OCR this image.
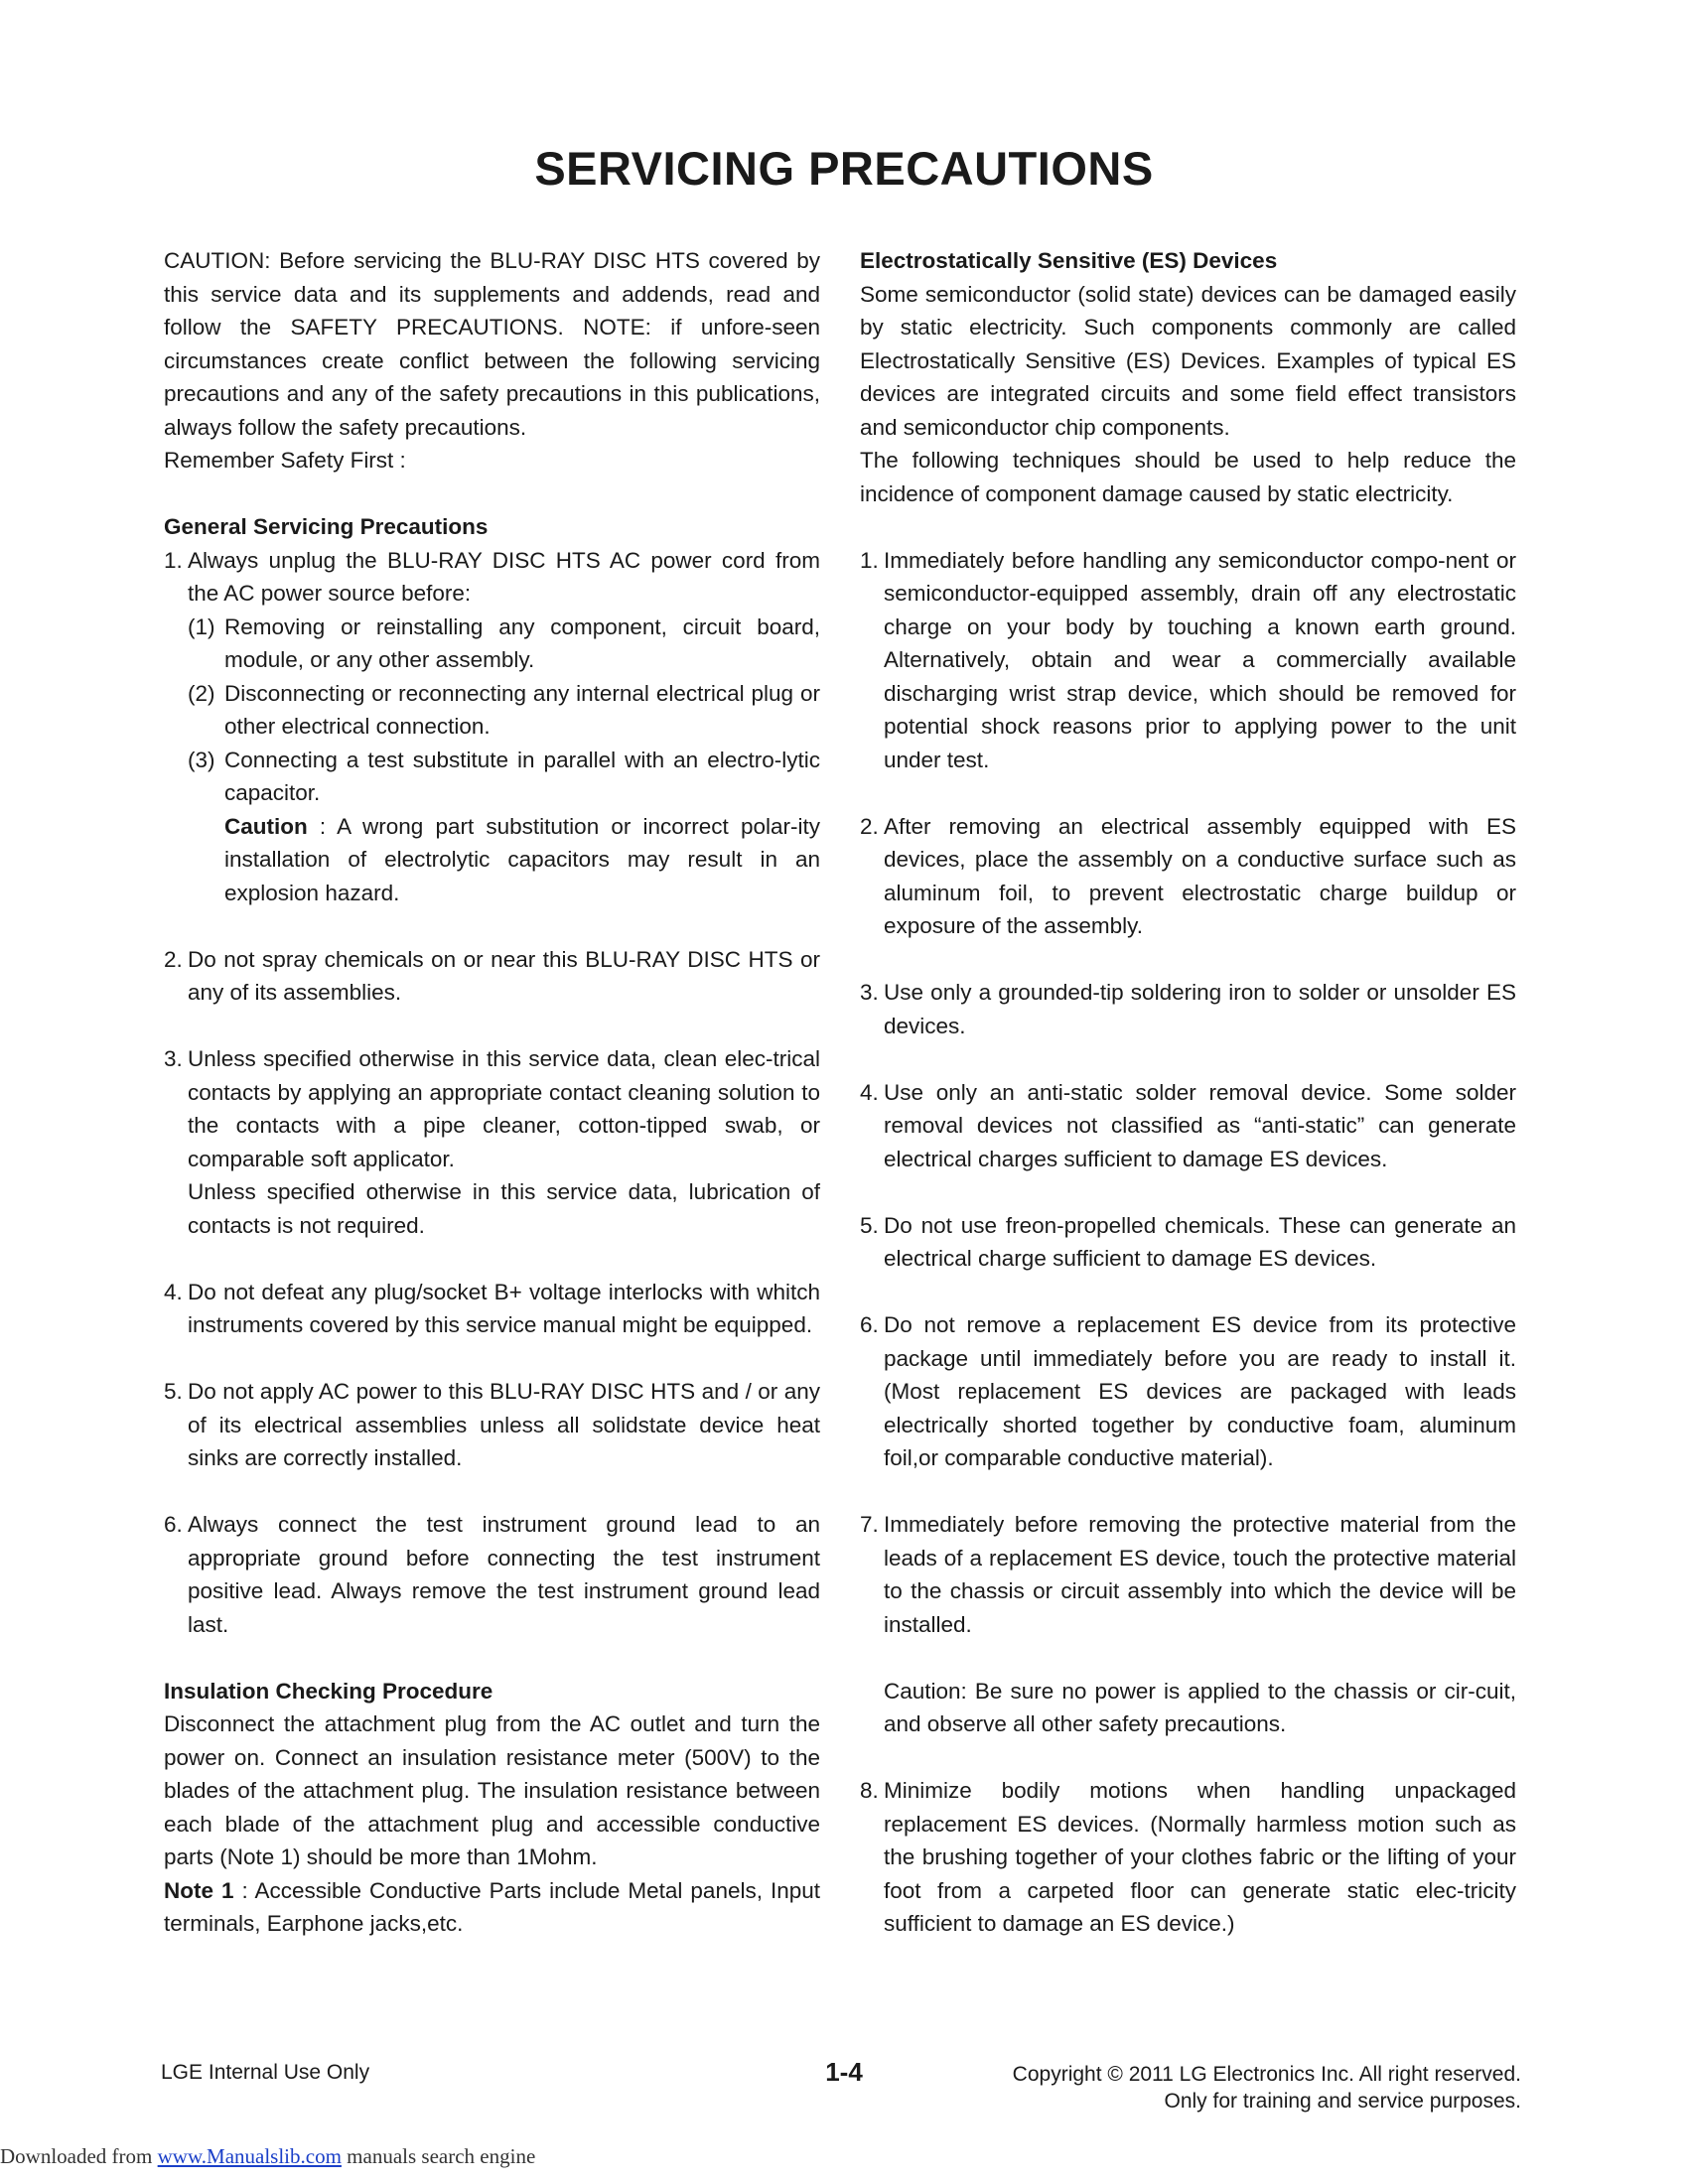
SERVICING PRECAUTIONS

CAUTION: Before servicing the BLU-RAY DISC HTS covered by this service data and its supplements and addends, read and follow the SAFETY PRECAUTIONS. NOTE: if unfore-seen circumstances create conflict between the following servicing precautions and any of the safety precautions in this publications, always follow the safety precautions.

Remember Safety First :

General Servicing Precautions

1. Always unplug the BLU-RAY DISC HTS AC power cord from the AC power source before:
(1) Removing or reinstalling any component, circuit board, module, or any other assembly.
(2) Disconnecting or reconnecting any internal electrical plug or other electrical connection.
(3) Connecting a test substitute in parallel with an electro-lytic capacitor.
Caution : A wrong part substitution or incorrect polar-ity installation of electrolytic capacitors may result in an explosion hazard.
2. Do not spray chemicals on or near this BLU-RAY DISC HTS or any of its assemblies.
3. Unless specified otherwise in this service data, clean elec-trical contacts by applying an appropriate contact cleaning solution to the contacts with a pipe cleaner, cotton-tipped swab, or comparable soft applicator.
Unless specified otherwise in this service data, lubrication of contacts is not required.
4. Do not defeat any plug/socket B+ voltage interlocks with whitch instruments covered by this service manual might be equipped.
5. Do not apply AC power to this BLU-RAY DISC HTS and / or any of its electrical assemblies unless all solidstate device heat sinks are correctly installed.
6. Always connect the test instrument ground lead to an appropriate ground before connecting the test instrument positive lead. Always remove the test instrument ground lead last.

Insulation Checking Procedure

Disconnect the attachment plug from the AC outlet and turn the power on. Connect an insulation resistance meter (500V) to the blades of the attachment plug. The insulation resistance between each blade of the attachment plug and accessible conductive parts (Note 1) should be more than 1Mohm.

Note 1 : Accessible Conductive Parts include Metal panels, Input terminals, Earphone jacks,etc.

Electrostatically Sensitive (ES) Devices

Some semiconductor (solid state) devices can be damaged easily by static electricity. Such components commonly are called Electrostatically Sensitive (ES) Devices. Examples of typical ES devices are integrated circuits and some field effect transistors and semiconductor chip components.

The following techniques should be used to help reduce the incidence of component damage caused by static electricity.

1. Immediately before handling any semiconductor compo-nent or semiconductor-equipped assembly, drain off any electrostatic charge on your body by touching a known earth ground. Alternatively, obtain and wear a commercially available discharging wrist strap device, which should be removed for potential shock reasons prior to applying power to the unit under test.
2. After removing an electrical assembly equipped with ES devices, place the assembly on a conductive surface such as aluminum foil, to prevent electrostatic charge buildup or exposure of the assembly.
3. Use only a grounded-tip soldering iron to solder or unsolder ES devices.
4. Use only an anti-static solder removal device. Some solder removal devices not classified as “anti-static” can generate electrical charges sufficient to damage ES devices.
5. Do not use freon-propelled chemicals. These can generate an electrical charge sufficient to damage ES devices.
6. Do not remove a replacement ES device from its protective package until immediately before you are ready to install it. (Most replacement ES devices are packaged with leads electrically shorted together by conductive foam, aluminum foil,or comparable conductive material).
7. Immediately before removing the protective material from the leads of a replacement ES device, touch the protective material to the chassis or circuit assembly into which the device will be installed.
Caution: Be sure no power is applied to the chassis or cir-cuit, and observe all other safety precautions.
8. Minimize bodily motions when handling unpackaged replacement ES devices. (Normally harmless motion such as the brushing together of your clothes fabric or the lifting of your foot from a carpeted floor can generate static elec-tricity sufficient to damage an ES device.)
LGE Internal Use Only	1-4	Copyright © 2011 LG Electronics Inc. All right reserved.
Only for training and service purposes.
Downloaded from www.Manualslib.com manuals search engine
